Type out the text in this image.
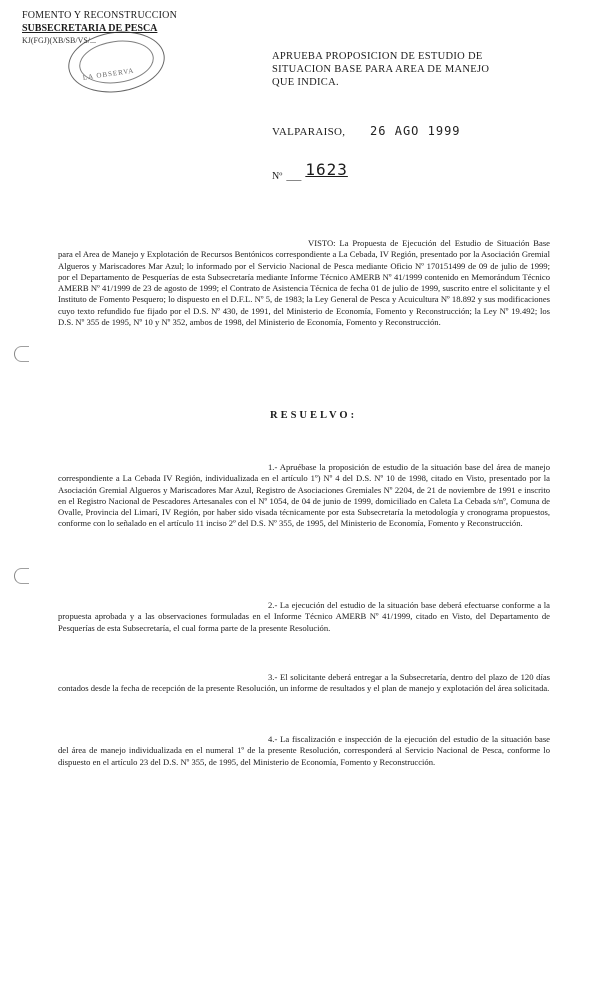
FOMENTO Y RECONSTRUCCION
SUBSECRETARIA DE PESCA
KJ(FGJ)(XB/SB/VS/...
LA OBSERVA
APRUEBA PROPOSICION DE ESTUDIO DE SITUACION BASE PARA AREA DE MANEJO QUE INDICA.
VALPARAISO, 26 AGO 1999
$_{Nº}$ $_{\_\_\_}$ 1623
VISTO: La Propuesta de Ejecución del Estudio de Situación Base para el Area de Manejo y Explotación de Recursos Bentónicos correspondiente a La Cebada, IV Región, presentado por la Asociación Gremial Algueros y Mariscadores Mar Azul; lo informado por el Servicio Nacional de Pesca mediante Oficio Nº 170151499 de 09 de julio de 1999; por el Departamento de Pesquerías de esta Subsecretaría mediante Informe Técnico AMERB Nº 41/1999 contenido en Memorándum Técnico AMERB Nº 41/1999 de 23 de agosto de 1999; el Contrato de Asistencia Técnica de fecha 01 de julio de 1999, suscrito entre el solicitante y el Instituto de Fomento Pesquero; lo dispuesto en el D.F.L. Nº 5, de 1983; la Ley General de Pesca y Acuicultura Nº 18.892 y sus modificaciones cuyo texto refundido fue fijado por el D.S. Nº 430, de 1991, del Ministerio de Economía, Fomento y Reconstrucción; la Ley Nº 19.492; los D.S. Nº 355 de 1995, Nº 10 y Nº 352, ambos de 1998, del Ministerio de Economía, Fomento y Reconstrucción.
RESUELVO:
1.- Apruébase la proposición de estudio de la situación base del área de manejo correspondiente a La Cebada IV Región, individualizada en el artículo 1º) Nº 4 del D.S. Nº 10 de 1998, citado en Visto, presentado por la Asociación Gremial Algueros y Mariscadores Mar Azul, Registro de Asociaciones Gremiales Nº 2204, de 21 de noviembre de 1991 e inscrito en el Registro Nacional de Pescadores Artesanales con el Nº 1054, de 04 de junio de 1999, domiciliado en Caleta La Cebada s/nº, Comuna de Ovalle, Provincia del Limarí, IV Región, por haber sido visada técnicamente por esta Subsecretaría la metodología y cronograma propuestos, conforme con lo señalado en el artículo 11 inciso 2º del D.S. Nº 355, de 1995, del Ministerio de Economía, Fomento y Reconstrucción.
2.- La ejecución del estudio de la situación base deberá efectuarse conforme a la propuesta aprobada y a las observaciones formuladas en el Informe Técnico AMERB Nº 41/1999, citado en Visto, del Departamento de Pesquerías de esta Subsecretaría, el cual forma parte de la presente Resolución.
3.- El solicitante deberá entregar a la Subsecretaría, dentro del plazo de 120 días contados desde la fecha de recepción de la presente Resolución, un informe de resultados y el plan de manejo y explotación del área solicitada.
4.- La fiscalización e inspección de la ejecución del estudio de la situación base del área de manejo individualizada en el numeral 1º de la presente Resolución, corresponderá al Servicio Nacional de Pesca, conforme lo dispuesto en el artículo 23 del D.S. Nº 355, de 1995, del Ministerio de Economía, Fomento y Reconstrucción.
